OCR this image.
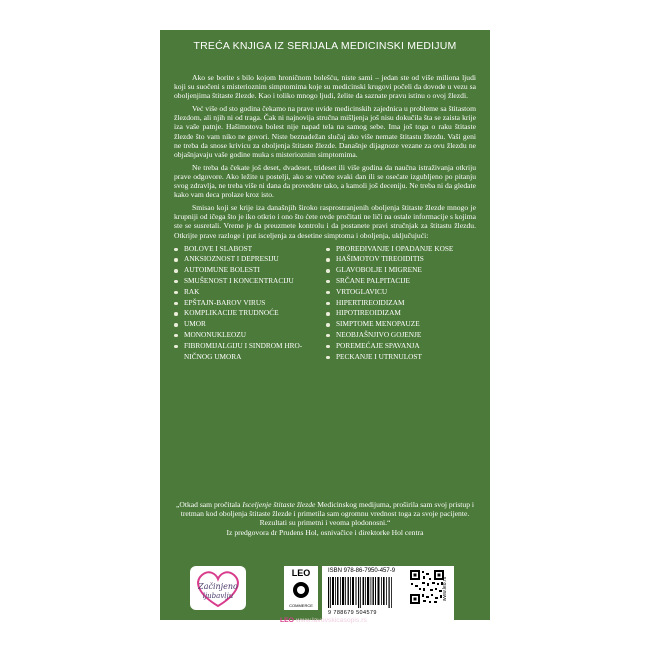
TREĆA KNJIGA IZ SERIJALA MEDICINSKI MEDIJUM

Ako se borite s bilo kojom hroničnom bolešću, niste sami – jedan ste od više miliona ljudi koji su suočeni s misterioznim simptomima koje su medicinski krugovi počeli da dovode u vezu sa oboljenjima štitaste žlezde. Kao i toliko mnogo ljudi, želite da saznate pravu istinu o ovoj žlezdi.

Već više od sto godina čekamo na prave uvide medicinskih zajednica u probleme sa štitastom žlezdom, ali njih ni od traga. Čak ni najnovija stručna mišljenja još nisu dokučila šta se zaista krije iza vaše patnje. Hašimotova bolest nije napad tela na samog sebe. Ima još toga o raku štitaste žlezde što vam niko ne govori. Niste beznadežan slučaj ako više nemate štitastu žlezdu. Vaši geni ne treba da snose krivicu za oboljenja štitaste žlezde. Današnje dijagnoze vezane za ovu žlezdu ne objašnjavaju vaše godine muka s misterioznim simptomima.

Ne treba da čekate još deset, dvadeset, trideset ili više godina da naučna istraživanja otkriju prave odgovore. Ako ležite u postelji, ako se vučete svaki dan ili se osećate izgubljeno po pitanju svog zdravlja, ne treba više ni dana da provedete tako, a kamoli još deceniju. Ne treba ni da gledate kako vam deca prolaze kroz isto.

Smisao koji se krije iza današnjih široko rasprostranjenih oboljenja štitaste žlezde mnogo je krupniji od ičega što je iko otkrio i ono što ćete ovde pročitati ne liči na ostale informacije s kojima ste se susretali. Vreme je da preuzmete kontrolu i da postanete pravi stručnjak za štitastu žlezdu. Otkrijte prave razloge i put isceljenja za desetine simptoma i oboljenja, uključujući:

BOLOVE I SLABOST
ANKSIOZNOST I DEPRESIJU
AUTOIMUNE BOLESTI
SMUŠENOST I KONCENTRACIJU
RAK
EPŠTAJN-BAROV VIRUS
KOMPLIKACIJE TRUDNOĆE
UMOR
MONONUKLEOZU
FIBROMIJALGIJU I SINDROM HRO-
NIČNOG UMORA
PROREĐIVANJE I OPADANJE KOSE
HAŠIMOTOV TIREOIDITIS
GLAVOBOLJE I MIGRENE
SRČANE PALPITACIJE
VRTOGLAVICU
HIPERTIREOIDIZAM
HIPOTIREOIDIZAM
SIMPTOME MENOPAUZE
NEOBJAŠNJIVO GOJENJE
POREMEĆAJE SPAVANJA
PECKANJE I UTRNULOST

„Otkad sam pročitala Isceljenje štitaste žlezde Medicinskog medijuma, proširila sam svoj pristup i tretman kod oboljenja štitaste žlezde i primetila sam ogromnu vrednost toga za svoje pacijente. Rezultati su primetni i veoma plodonosni.“

Iz predgovora dr Prudens Hol, osnivačice i direktorke Hol centra

Začinjeno
ljubavlju
LEO
COMMERCE
ISBN 978-86-7950-457-9
9 788679 504579
www.leo.rs
LEO www.lavovskicasopis.rs
